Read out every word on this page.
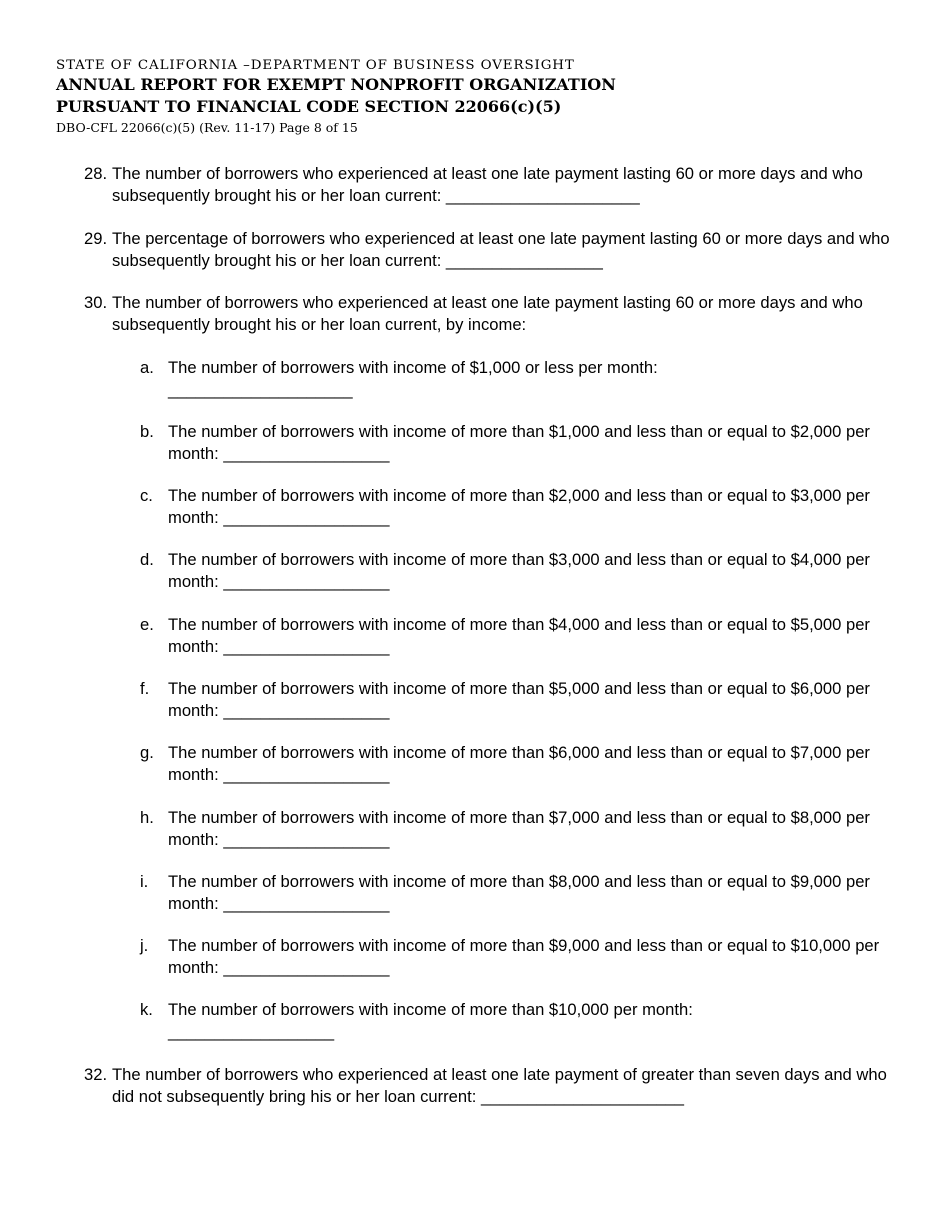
STATE OF CALIFORNIA –DEPARTMENT OF BUSINESS OVERSIGHT
ANNUAL REPORT FOR EXEMPT NONPROFIT ORGANIZATION
PURSUANT TO FINANCIAL CODE SECTION 22066(c)(5)
DBO-CFL 22066(c)(5) (Rev. 11-17) Page 8 of 15
28. The number of borrowers who experienced at least one late payment lasting 60 or more days and who subsequently brought his or her loan current: _____________________
29. The percentage of borrowers who experienced at least one late payment lasting 60 or more days and who subsequently brought his or her loan current: _________________
30. The number of borrowers who experienced at least one late payment lasting 60 or more days and who subsequently brought his or her loan current, by income:
a. The number of borrowers with income of $1,000 or less per month:
____________________
b. The number of borrowers with income of more than $1,000 and less than or equal to $2,000 per month: __________________
c. The number of borrowers with income of more than $2,000 and less than or equal to $3,000 per month: __________________
d. The number of borrowers with income of more than $3,000 and less than or equal to $4,000 per month: __________________
e. The number of borrowers with income of more than $4,000 and less than or equal to $5,000 per month: __________________
f. The number of borrowers with income of more than $5,000 and less than or equal to $6,000 per month: __________________
g. The number of borrowers with income of more than $6,000 and less than or equal to $7,000 per month: __________________
h. The number of borrowers with income of more than $7,000 and less than or equal to $8,000 per month: __________________
i. The number of borrowers with income of more than $8,000 and less than or equal to $9,000 per month: __________________
j. The number of borrowers with income of more than $9,000 and less than or equal to $10,000 per month: __________________
k. The number of borrowers with income of more than $10,000 per month:
__________________
32. The number of borrowers who experienced at least one late payment of greater than seven days and who did not subsequently bring his or her loan current: ______________________
